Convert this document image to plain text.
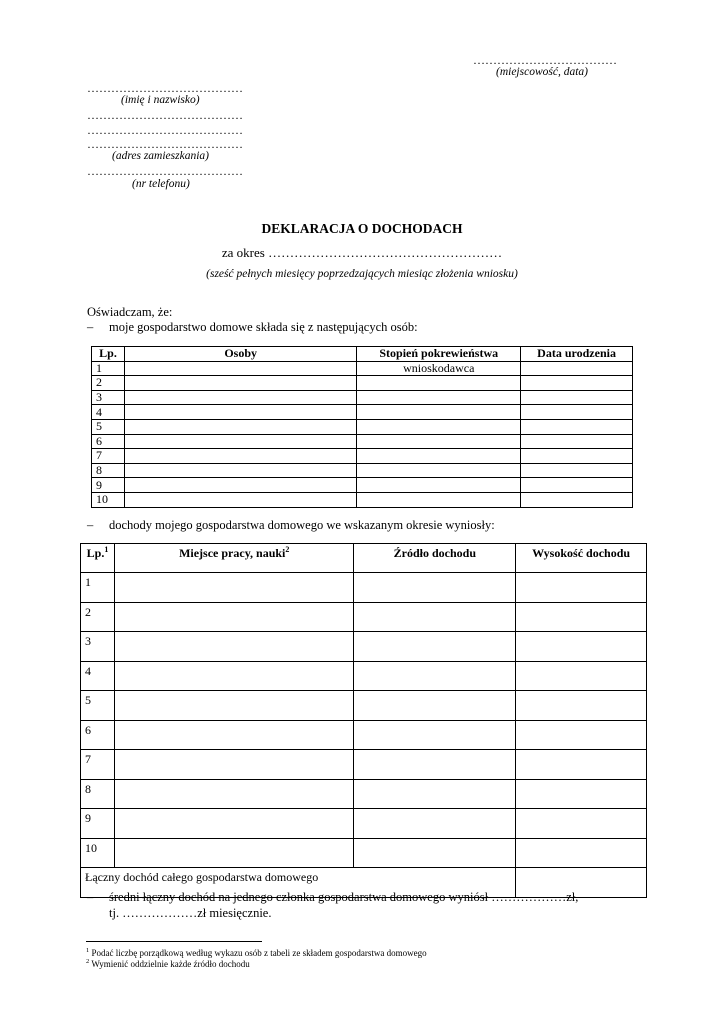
………………………………
(miejscowość, data)
…………………………………
(imię i nazwisko)
…………………………………
…………………………………
…………………………………
(adres zamieszkania)
…………………………………
(nr telefonu)
DEKLARACJA O DOCHODACH
za okres ………………………………………………
(sześć pełnych miesięcy poprzedzających miesiąc złożenia wniosku)
Oświadczam, że:
– moje gospodarstwo domowe składa się z następujących osób:
Lp.	Osoby	Stopień pokrewieństwa	Data urodzenia
1		wnioskodawca	
2			
3			
4			
5			
6			
7			
8			
9			
10			
– dochody mojego gospodarstwa domowego we wskazanym okresie wyniosły:
Lp.$^1$	Miejsce pracy, nauki$^2$	Źródło dochodu	Wysokość dochodu
1			
2			
3			
4			
5			
6			
7			
8			
9			
10			
Łączny dochód całego gospodarstwa domowego			
– średni łączny dochód na jednego członka gospodarstwa domowego wyniósł ………………zł,
tj. ………………zł miesięcznie.
$^1$ Podać liczbę porządkową według wykazu osób z tabeli ze składem gospodarstwa domowego
$^2$ Wymienić oddzielnie każde źródło dochodu
